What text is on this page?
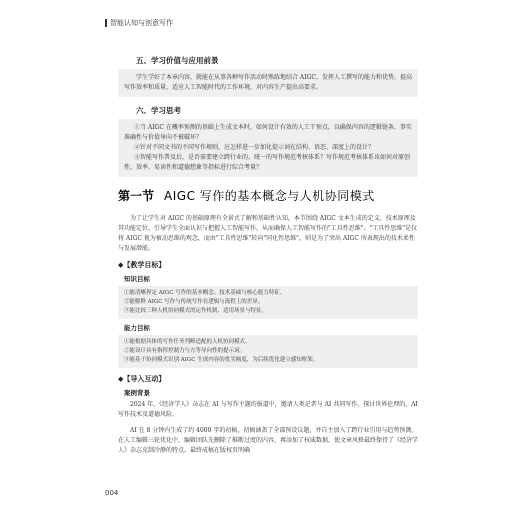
智能认知与创意写作
五、学习价值与应用前景

学生学好了本章内容，就能在从事各种写作活动时熟练地结合 AIGC，发挥人工撰写的能力和优势，提高写作效率和质量，适应人工智能时代的工作环境，对内容生产提出高要求。

六、学习思考
①当 AIGC 在概率预测的基础上生成文本时，如何设计有效的人工干预点，以确保内容的逻辑链条、事实准确性与价值导向不被破坏？
②针对不同文书的不同写作规则，应怎样进一步加化提示词在结构、语态、深度上的设计？
③智能写作普及后，是否需要建立跨行业的、统一的写作规范考核体系？写作规范考核体系该如何对原创性、效率、易读性和道德想象等指标进行综合考量？
第一节 AIGC 写作的基本概念与人机协同模式

为了让学生对 AIGC 的基础原理有全景式了解和基础性认知，本节围绕 AIGC 文本生成的定义、技术原理及其功能定位，引导学生全面认识与把握人工智能写作，从而确保人工智能写作的"工具性思维"。"工具性思维"是仅将 AIGC 视为被动思维的观念，而由"工具性思维"转向"同化性思维"，则是为了突出 AIGC 所表现出的技术柔性与发展潜能。

◆【教学目标】
知识目标
①能清晰界定 AIGC 写作的基本概念、技术基础与核心能力特征。
②能解释 AIGC 写作与传统写作在逻辑与流程上的差异。
③能比较三种人机协同模式的运作机制、适用场景与特征。
能力目标
①能根据具体的写作任务判断适配的人机协同模式。
②能设计具有指挥控制力与方等导向性的提示词。
③能基于协同模式识别 AIGC 生成内容的优劣倾度，为后续优化建立感知框架。
◆【导入互动】
案例背景

2024 年，《经济学人》杂志在 AI 与写作主题的报道中，邀请人类记者与 AI 共同写作，探讨世界伦理的、AI 写作技术及道德风险。

AI 在 8 分钟内生成了约 4000 字的初稿，初稿涵盖了全部预设议题，并自主加入了跨行业引用与趋势预测。在人工编辑三轮优化中，编辑团队先删除了推断过度的内容，再添加了权威数据，使文章风格最终保持了《经济学人》杂志克制冷静的特点。最终成稿在版权页明确

004
